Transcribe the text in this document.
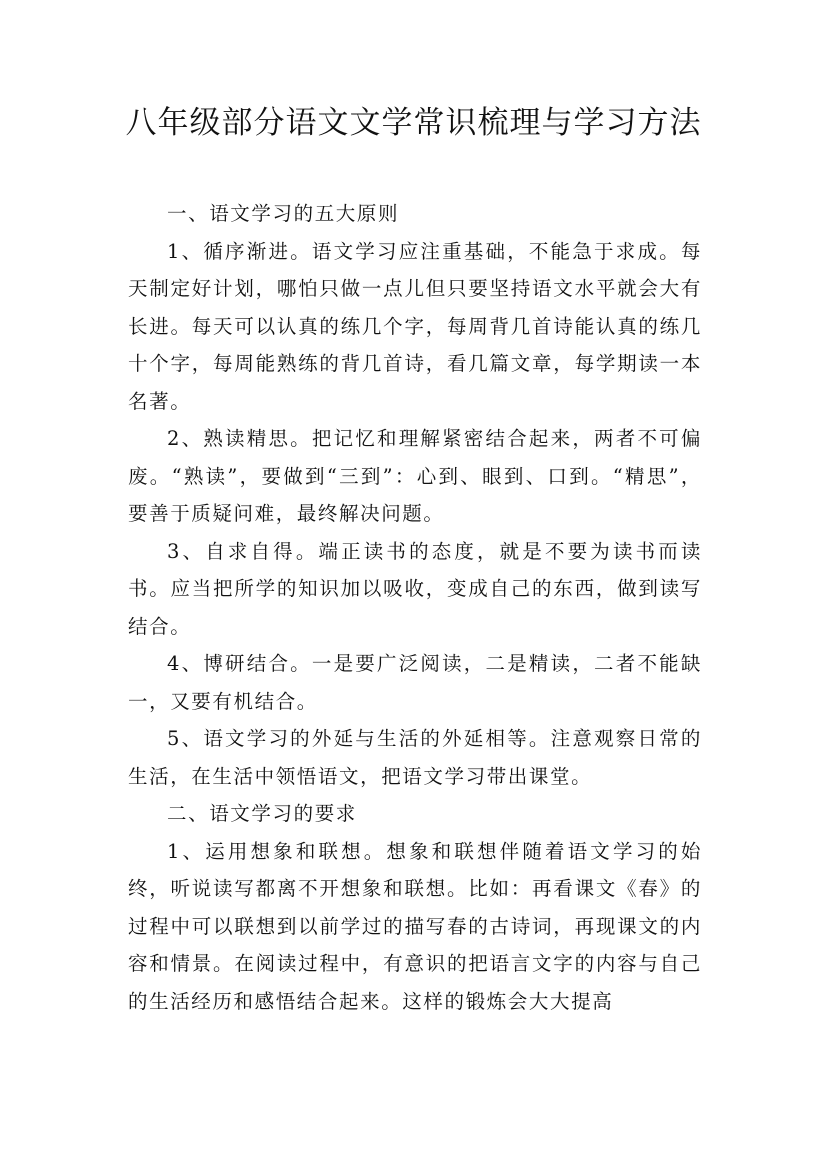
八年级部分语文文学常识梳理与学习方法

一、语文学习的五大原则

1、循序渐进。语文学习应注重基础，不能急于求成。每天制定好计划，哪怕只做一点儿但只要坚持语文水平就会大有长进。每天可以认真的练几个字，每周背几首诗能认真的练几十个字，每周能熟练的背几首诗，看几篇文章，每学期读一本名著。

2、熟读精思。把记忆和理解紧密结合起来，两者不可偏废。“熟读”，要做到“三到”：心到、眼到、口到。“精思”，要善于质疑问难，最终解决问题。

3、自求自得。端正读书的态度，就是不要为读书而读书。应当把所学的知识加以吸收，变成自己的东西，做到读写结合。

4、博研结合。一是要广泛阅读，二是精读，二者不能缺一，又要有机结合。

5、语文学习的外延与生活的外延相等。注意观察日常的生活，在生活中领悟语文，把语文学习带出课堂。

二、语文学习的要求

1、运用想象和联想。想象和联想伴随着语文学习的始终，听说读写都离不开想象和联想。比如：再看课文《春》的过程中可以联想到以前学过的描写春的古诗词，再现课文的内容和情景。在阅读过程中，有意识的把语言文字的内容与自己的生活经历和感悟结合起来。这样的锻炼会大大提高
